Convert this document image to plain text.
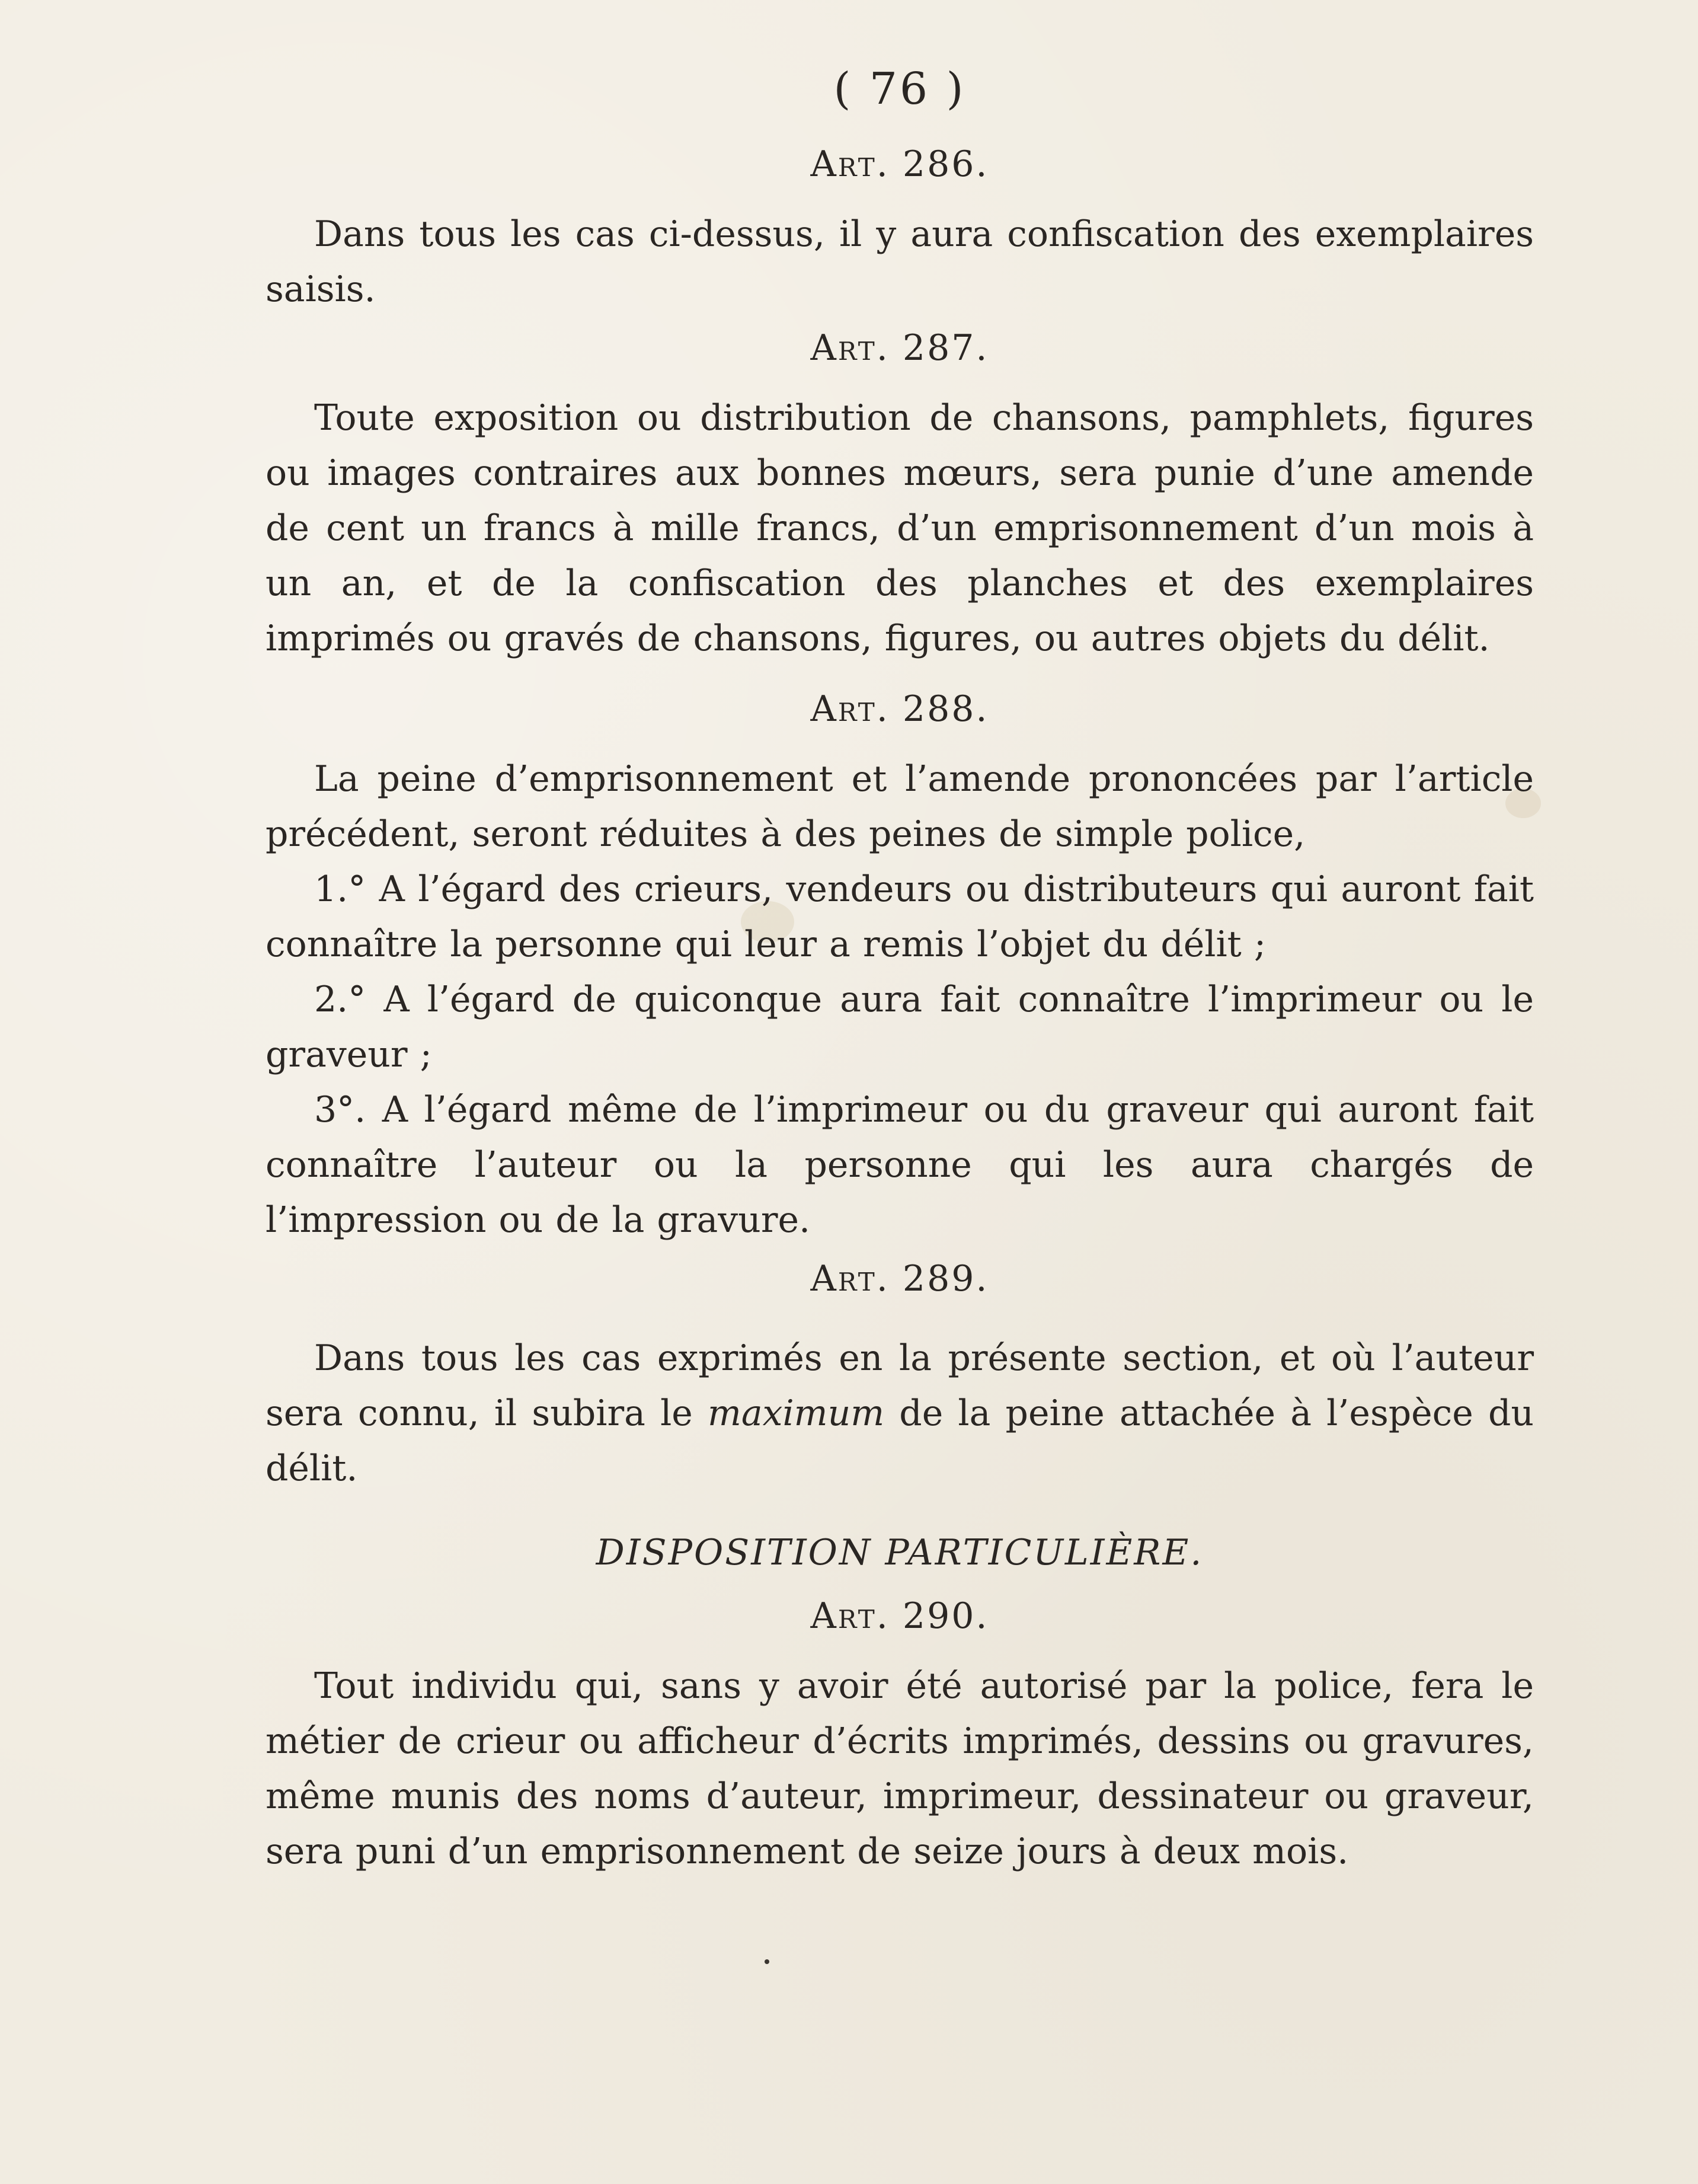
( 76 )
Art. 286.

Dans tous les cas ci-dessus, il y aura confiscation des exemplaires saisis.

Art. 287.

Toute exposition ou distribution de chansons, pamphlets, figures ou images contraires aux bonnes mœurs, sera punie d’une amende de cent un francs à mille francs, d’un emprisonnement d’un mois à un an, et de la confiscation des planches et des exemplaires imprimés ou gravés de chansons, figures, ou autres objets du délit.

Art. 288.

La peine d’emprisonnement et l’amende prononcées par l’article précédent, seront réduites à des peines de simple police,

1.° A l’égard des crieurs, vendeurs ou distributeurs qui auront fait connaître la personne qui leur a remis l’objet du délit ;

2.° A l’égard de quiconque aura fait connaître l’imprimeur ou le graveur ;

3°. A l’égard même de l’imprimeur ou du graveur qui auront fait connaître l’auteur ou la personne qui les aura chargés de l’impression ou de la gravure.

Art. 289.

Dans tous les cas exprimés en la présente section, et où l’auteur sera connu, il subira le maximum de la peine attachée à l’espèce du délit.

DISPOSITION PARTICULIÈRE.
Art. 290.

Tout individu qui, sans y avoir été autorisé par la police, fera le métier de crieur ou afficheur d’écrits imprimés, dessins ou gravures, même munis des noms d’auteur, imprimeur, dessinateur ou graveur, sera puni d’un emprisonnement de seize jours à deux mois.
